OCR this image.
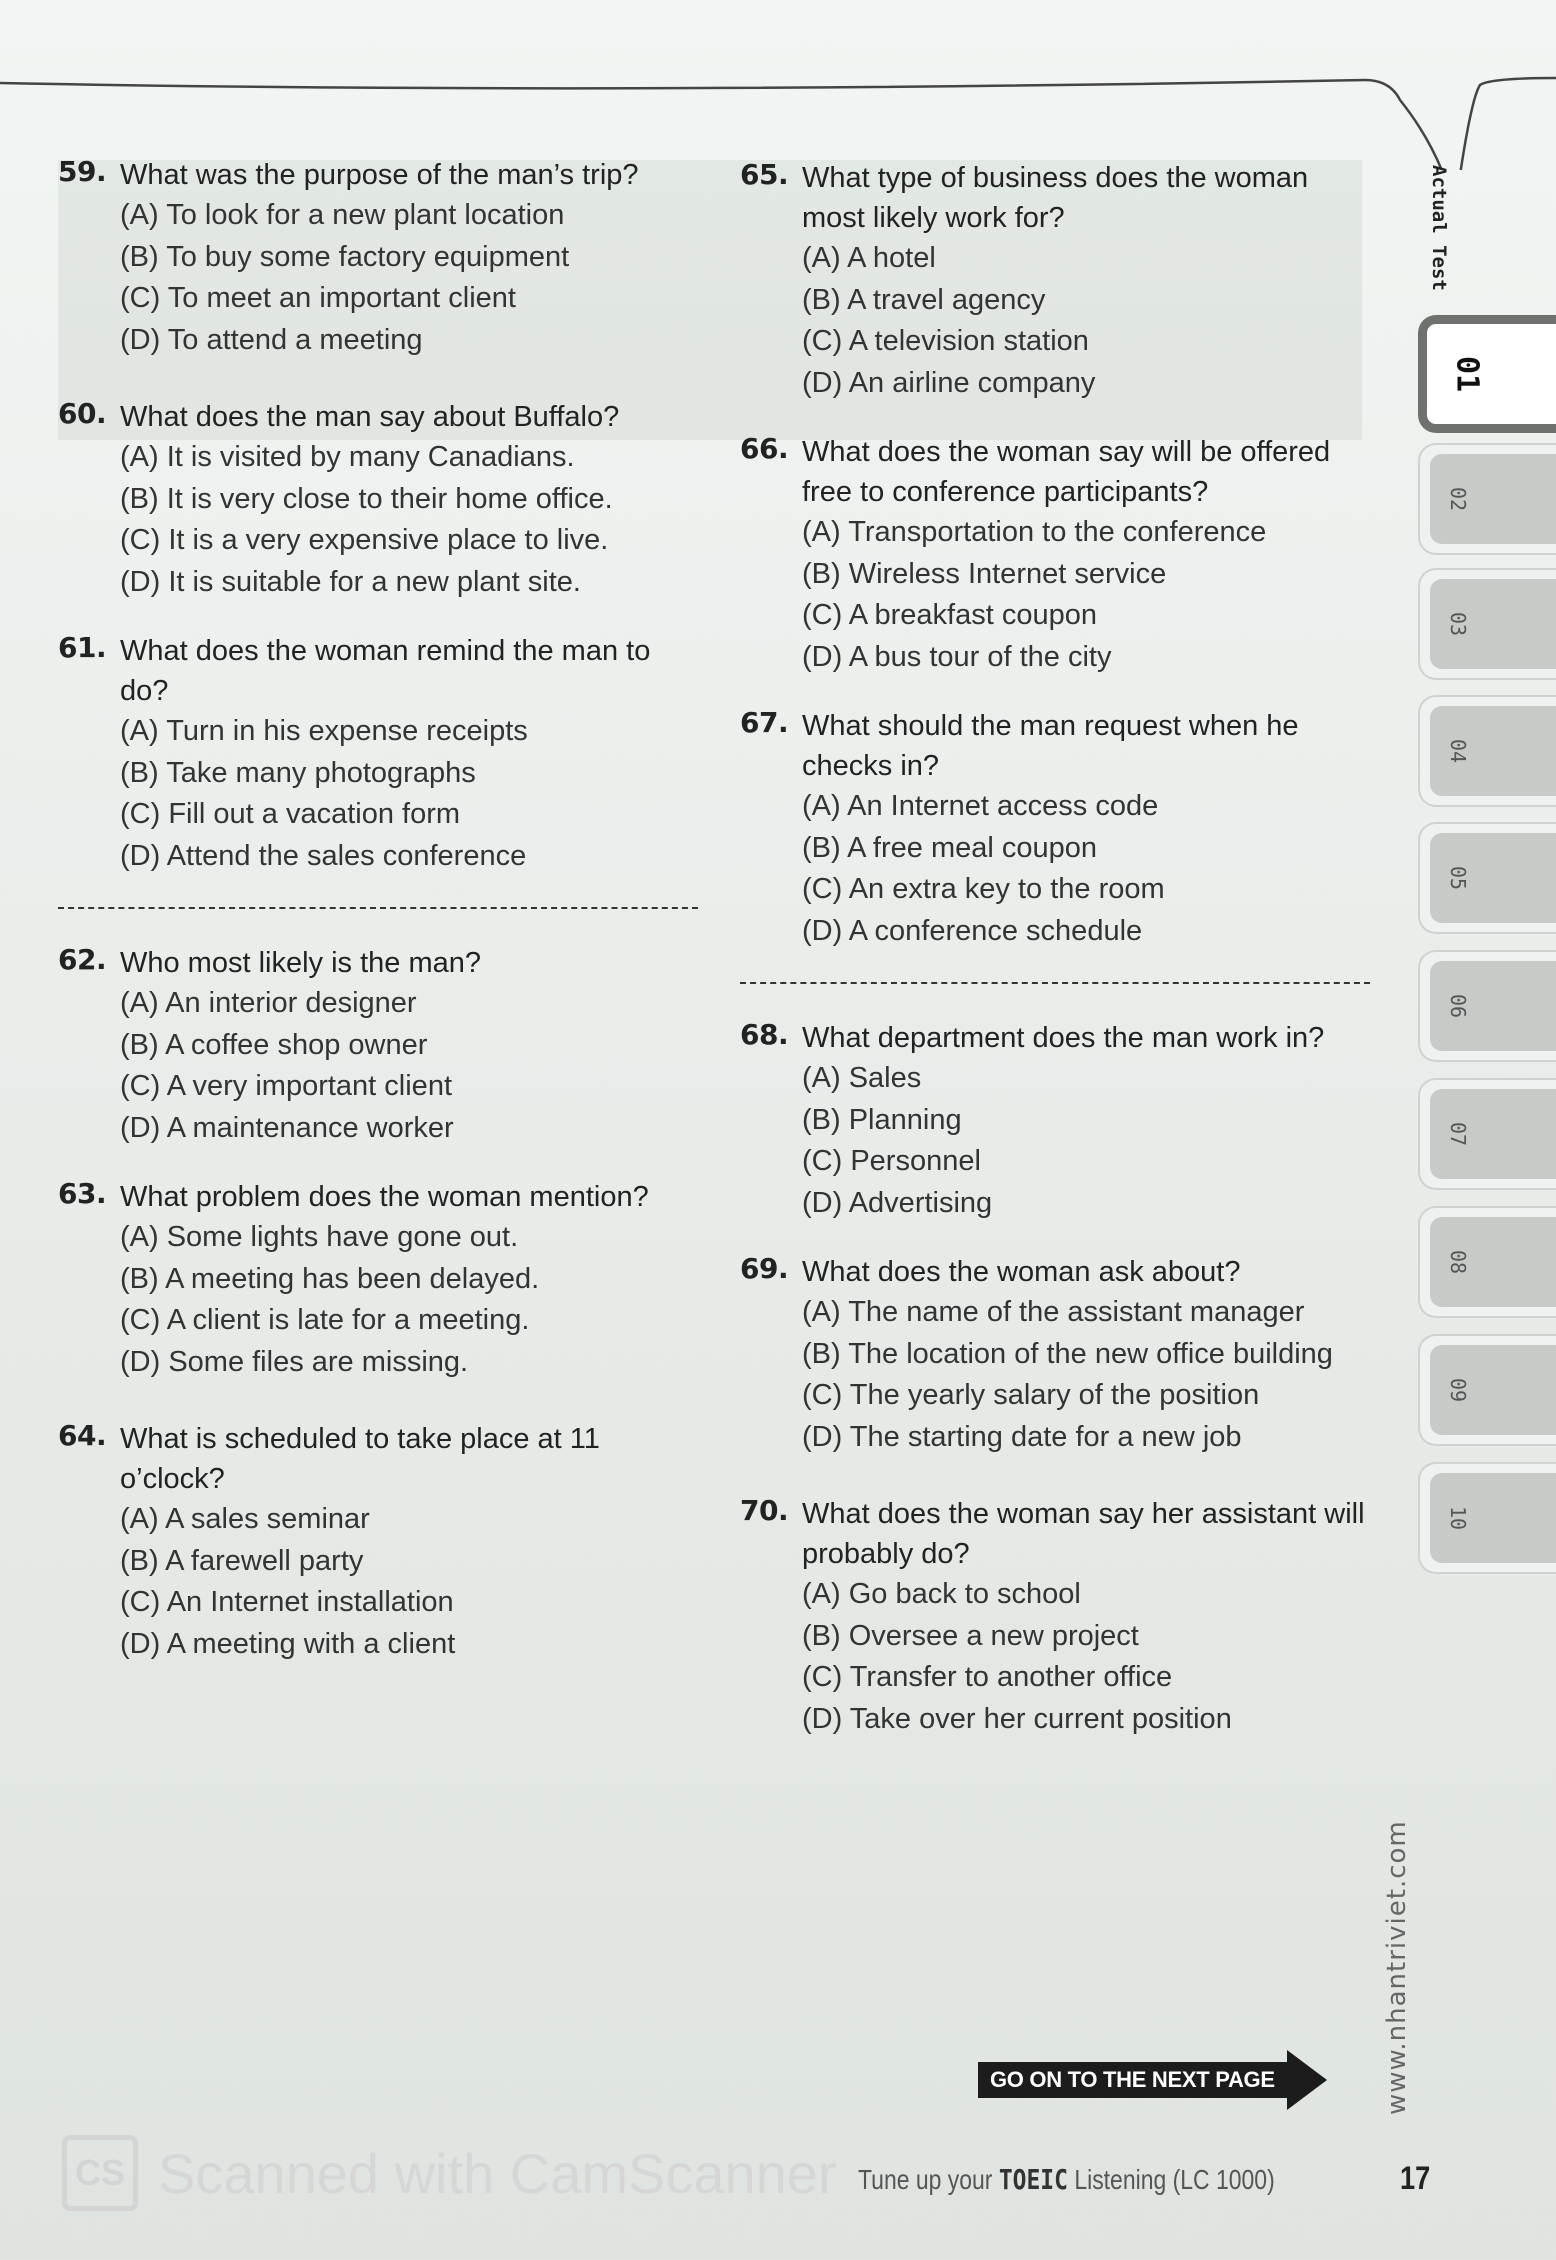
59. What was the purpose of the man’s trip?
(A) To look for a new plant location
(B) To buy some factory equipment
(C) To meet an important client
(D) To attend a meeting
60. What does the man say about Buffalo?
(A) It is visited by many Canadians.
(B) It is very close to their home office.
(C) It is a very expensive place to live.
(D) It is suitable for a new plant site.
61. What does the woman remind the man to do?
(A) Turn in his expense receipts
(B) Take many photographs
(C) Fill out a vacation form
(D) Attend the sales conference
62. Who most likely is the man?
(A) An interior designer
(B) A coffee shop owner
(C) A very important client
(D) A maintenance worker
63. What problem does the woman mention?
(A) Some lights have gone out.
(B) A meeting has been delayed.
(C) A client is late for a meeting.
(D) Some files are missing.
64. What is scheduled to take place at 11 o’clock?
(A) A sales seminar
(B) A farewell party
(C) An Internet installation
(D) A meeting with a client
65. What type of business does the woman most likely work for?
(A) A hotel
(B) A travel agency
(C) A television station
(D) An airline company
66. What does the woman say will be offered free to conference participants?
(A) Transportation to the conference
(B) Wireless Internet service
(C) A breakfast coupon
(D) A bus tour of the city
67. What should the man request when he checks in?
(A) An Internet access code
(B) A free meal coupon
(C) An extra key to the room
(D) A conference schedule
68. What department does the man work in?
(A) Sales
(B) Planning
(C) Personnel
(D) Advertising
69. What does the woman ask about?
(A) The name of the assistant manager
(B) The location of the new office building
(C) The yearly salary of the position
(D) The starting date for a new job
70. What does the woman say her assistant will probably do?
(A) Go back to school
(B) Oversee a new project
(C) Transfer to another office
(D) Take over her current position
Actual Test
01
02
03
04
05
06
07
08
09
10
www.nhantriviet.com
GO ON TO THE NEXT PAGE
CS Scanned with CamScanner Tune up your TOEIC Listening (LC 1000)	17
